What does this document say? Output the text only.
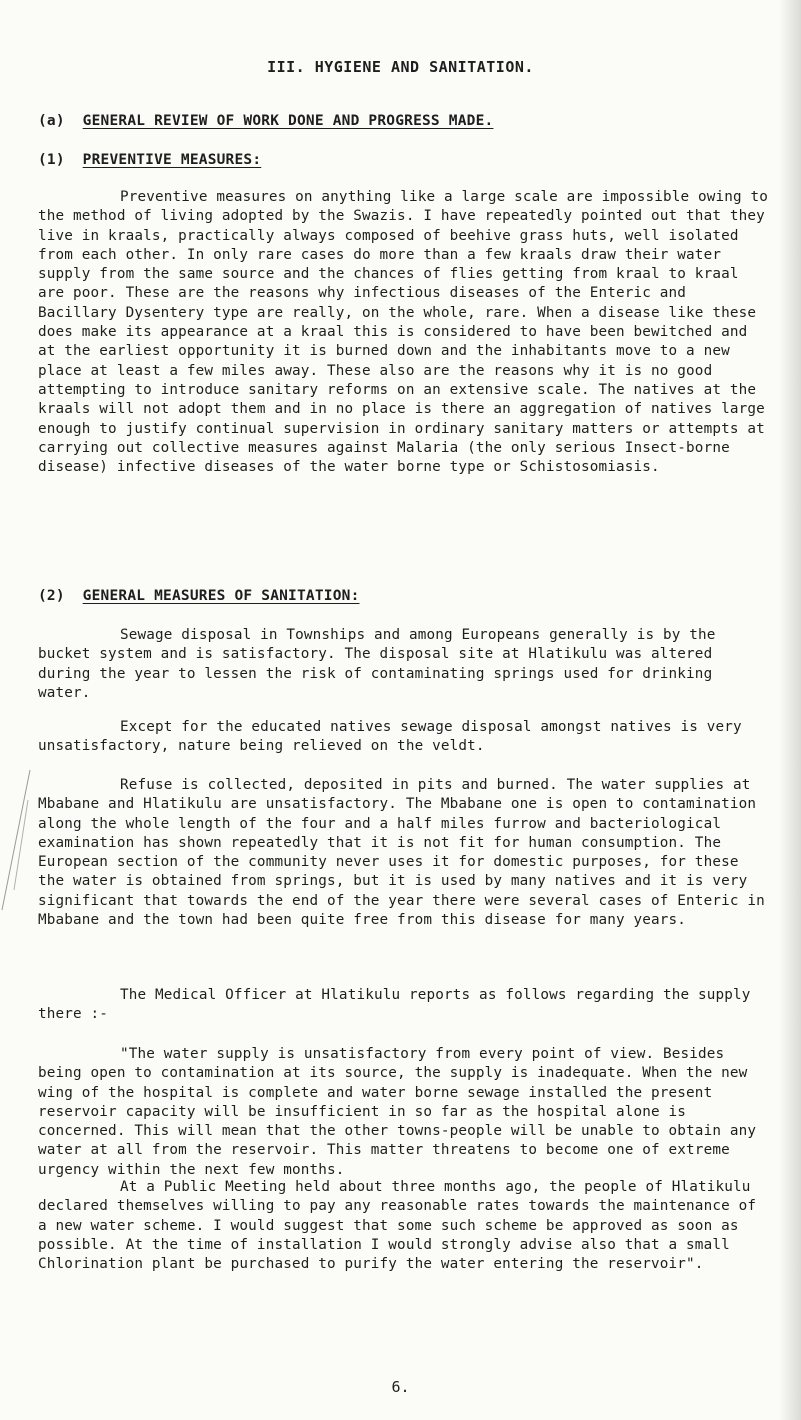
III. HYGIENE AND SANITATION.
(a) GENERAL REVIEW OF WORK DONE AND PROGRESS MADE.
(1) PREVENTIVE MEASURES:
Preventive measures on anything like a large scale are impossible owing to the method of living adopted by the Swazis. I have repeatedly pointed out that they live in kraals, practically always composed of beehive grass huts, well isolated from each other. In only rare cases do more than a few kraals draw their water supply from the same source and the chances of flies getting from kraal to kraal are poor. These are the reasons why infectious diseases of the Enteric and Bacillary Dysentery type are really, on the whole, rare. When a disease like these does make its appearance at a kraal this is considered to have been bewitched and at the earliest opportunity it is burned down and the inhabitants move to a new place at least a few miles away. These also are the reasons why it is no good attempting to introduce sanitary reforms on an extensive scale. The natives at the kraals will not adopt them and in no place is there an aggregation of natives large enough to justify continual supervision in ordinary sanitary matters or attempts at carrying out collective measures against Malaria (the only serious Insect-borne disease) infective diseases of the water borne type or Schistosomiasis.
(2) GENERAL MEASURES OF SANITATION:
Sewage disposal in Townships and among Europeans generally is by the bucket system and is satisfactory. The disposal site at Hlatikulu was altered during the year to lessen the risk of contaminating springs used for drinking water.
Except for the educated natives sewage disposal amongst natives is very unsatisfactory, nature being relieved on the veldt.
Refuse is collected, deposited in pits and burned. The water supplies at Mbabane and Hlatikulu are unsatisfactory. The Mbabane one is open to contamination along the whole length of the four and a half miles furrow and bacteriological examination has shown repeatedly that it is not fit for human consumption. The European section of the community never uses it for domestic purposes, for these the water is obtained from springs, but it is used by many natives and it is very significant that towards the end of the year there were several cases of Enteric in Mbabane and the town had been quite free from this disease for many years.
The Medical Officer at Hlatikulu reports as follows regarding the supply there :-
"The water supply is unsatisfactory from every point of view. Besides being open to contamination at its source, the supply is inadequate. When the new wing of the hospital is complete and water borne sewage installed the present reservoir capacity will be insufficient in so far as the hospital alone is concerned. This will mean that the other towns-people will be unable to obtain any water at all from the reservoir. This matter threatens to become one of extreme urgency within the next few months.
At a Public Meeting held about three months ago, the people of Hlatikulu declared themselves willing to pay any reasonable rates towards the maintenance of a new water scheme. I would suggest that some such scheme be approved as soon as possible. At the time of installation I would strongly advise also that a small Chlorination plant be purchased to purify the water entering the reservoir".
6.
